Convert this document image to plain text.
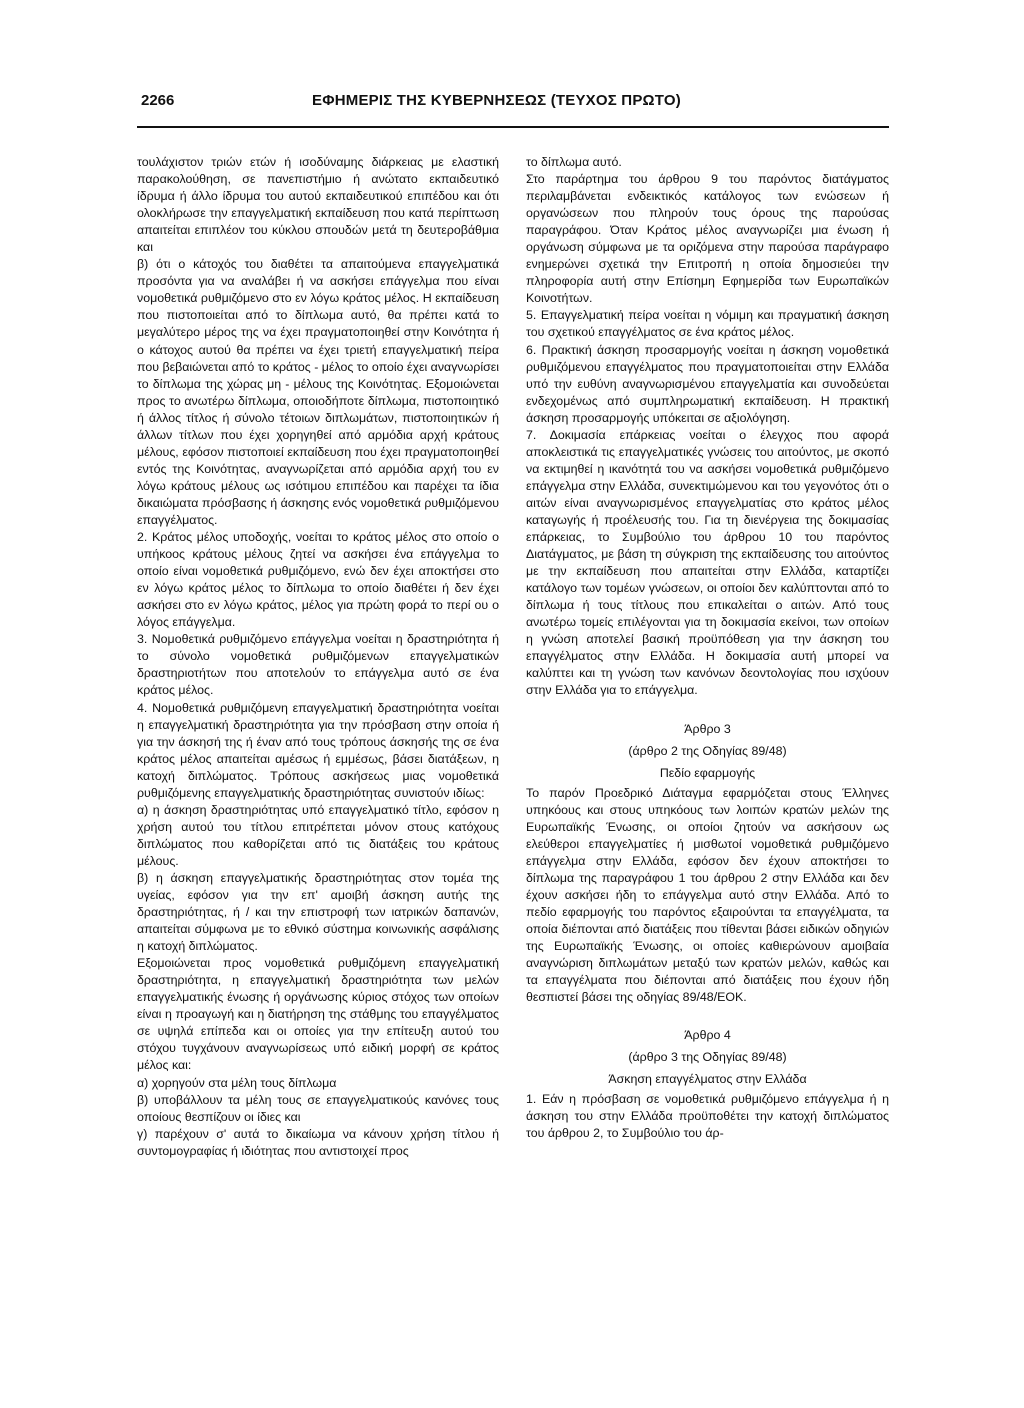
2266	ΕΦΗΜΕΡΙΣ ΤΗΣ ΚΥΒΕΡΝΗΣΕΩΣ (ΤΕΥΧΟΣ ΠΡΩΤΟ)

τουλάχιστον τριών ετών ή ισοδύναμης διάρκειας με ελαστική παρακολούθηση, σε πανεπιστήμιο ή ανώτατο εκπαιδευτικό ίδρυμα ή άλλο ίδρυμα του αυτού εκπαιδευτικού επιπέδου και ότι ολοκλήρωσε την επαγγελματική εκπαίδευση που κατά περίπτωση απαιτείται επιπλέον του κύκλου σπουδών μετά τη δευτεροβάθμια και

β) ότι ο κάτοχός του διαθέτει τα απαιτούμενα επαγγελματικά προσόντα για να αναλάβει ή να ασκήσει επάγγελμα που είναι νομοθετικά ρυθμιζόμενο στο εν λόγω κράτος μέλος. Η εκπαίδευση που πιστοποιείται από το δίπλωμα αυτό, θα πρέπει κατά το μεγαλύτερο μέρος της να έχει πραγματοποιηθεί στην Κοινότητα ή ο κάτοχος αυτού θα πρέπει να έχει τριετή επαγγελματική πείρα που βεβαιώνεται από το κράτος - μέλος το οποίο έχει αναγνωρίσει το δίπλωμα της χώρας μη - μέλους της Κοινότητας. Εξομοιώνεται προς το ανωτέρω δίπλωμα, οποιοδήποτε δίπλωμα, πιστοποιητικό ή άλλος τίτλος ή σύνολο τέτοιων διπλωμάτων, πιστοποιητικών ή άλλων τίτλων που έχει χορηγηθεί από αρμόδια αρχή κράτους μέλους, εφόσον πιστοποιεί εκπαίδευση που έχει πραγματοποιηθεί εντός της Κοινότητας, αναγνωρίζεται από αρμόδια αρχή του εν λόγω κράτους μέλους ως ισότιμου επιπέδου και παρέχει τα ίδια δικαιώματα πρόσβασης ή άσκησης ενός νομοθετικά ρυθμιζόμενου επαγγέλματος.

2. Κράτος μέλος υποδοχής, νοείται το κράτος μέλος στο οποίο ο υπήκοος κράτους μέλους ζητεί να ασκήσει ένα επάγγελμα το οποίο είναι νομοθετικά ρυθμιζόμενο, ενώ δεν έχει αποκτήσει στο εν λόγω κράτος μέλος το δίπλωμα το οποίο διαθέτει ή δεν έχει ασκήσει στο εν λόγω κράτος, μέλος για πρώτη φορά το περί ου ο λόγος επάγγελμα.

3. Νομοθετικά ρυθμιζόμενο επάγγελμα νοείται η δραστηριότητα ή το σύνολο νομοθετικά ρυθμιζόμενων επαγγελματικών δραστηριοτήτων που αποτελούν το επάγγελμα αυτό σε ένα κράτος μέλος.

4. Νομοθετικά ρυθμιζόμενη επαγγελματική δραστηριότητα νοείται η επαγγελματική δραστηριότητα για την πρόσβαση στην οποία ή για την άσκησή της ή έναν από τους τρόπους άσκησής της σε ένα κράτος μέλος απαιτείται αμέσως ή εμμέσως, βάσει διατάξεων, η κατοχή διπλώματος. Τρόπους ασκήσεως μιας νομοθετικά ρυθμιζόμενης επαγγελματικής δραστηριότητας συνιστούν ιδίως:

α) η άσκηση δραστηριότητας υπό επαγγελματικό τίτλο, εφόσον η χρήση αυτού του τίτλου επιτρέπεται μόνον στους κατόχους διπλώματος που καθορίζεται από τις διατάξεις του κράτους μέλους.

β) η άσκηση επαγγελματικής δραστηριότητας στον τομέα της υγείας, εφόσον για την επ' αμοιβή άσκηση αυτής της δραστηριότητας, ή / και την επιστροφή των ιατρικών δαπανών, απαιτείται σύμφωνα με το εθνικό σύστημα κοινωνικής ασφάλισης η κατοχή διπλώματος.

Εξομοιώνεται προς νομοθετικά ρυθμιζόμενη επαγγελματική δραστηριότητα, η επαγγελματική δραστηριότητα των μελών επαγγελματικής ένωσης ή οργάνωσης κύριος στόχος των οποίων είναι η προαγωγή και η διατήρηση της στάθμης του επαγγέλματος σε υψηλά επίπεδα και οι οποίες για την επίτευξη αυτού του στόχου τυγχάνουν αναγνωρίσεως υπό ειδική μορφή σε κράτος μέλος και:

α) χορηγούν στα μέλη τους δίπλωμα

β) υποβάλλουν τα μέλη τους σε επαγγελματικούς κανόνες τους οποίους θεσπίζουν οι ίδιες και

γ) παρέχουν σ' αυτά το δικαίωμα να κάνουν χρήση τίτλου ή συντομογραφίας ή ιδιότητας που αντιστοιχεί προς

το δίπλωμα αυτό.

Στο παράρτημα του άρθρου 9 του παρόντος διατάγματος περιλαμβάνεται ενδεικτικός κατάλογος των ενώσεων ή οργανώσεων που πληρούν τους όρους της παρούσας παραγράφου. Όταν Κράτος μέλος αναγνωρίζει μια ένωση ή οργάνωση σύμφωνα με τα οριζόμενα στην παρούσα παράγραφο ενημερώνει σχετικά την Επιτροπή η οποία δημοσιεύει την πληροφορία αυτή στην Επίσημη Εφημερίδα των Ευρωπαϊκών Κοινοτήτων.

5. Επαγγελματική πείρα νοείται η νόμιμη και πραγματική άσκηση του σχετικού επαγγέλματος σε ένα κράτος μέλος.

6. Πρακτική άσκηση προσαρμογής νοείται η άσκηση νομοθετικά ρυθμιζόμενου επαγγέλματος που πραγματοποιείται στην Ελλάδα υπό την ευθύνη αναγνωρισμένου επαγγελματία και συνοδεύεται ενδεχομένως από συμπληρωματική εκπαίδευση. Η πρακτική άσκηση προσαρμογής υπόκειται σε αξιολόγηση.

7. Δοκιμασία επάρκειας νοείται ο έλεγχος που αφορά αποκλειστικά τις επαγγελματικές γνώσεις του αιτούντος, με σκοπό να εκτιμηθεί η ικανότητά του να ασκήσει νομοθετικά ρυθμιζόμενο επάγγελμα στην Ελλάδα, συνεκτιμώμενου και του γεγονότος ότι ο αιτών είναι αναγνωρισμένος επαγγελματίας στο κράτος μέλος καταγωγής ή προέλευσής του. Για τη διενέργεια της δοκιμασίας επάρκειας, το Συμβούλιο του άρθρου 10 του παρόντος Διατάγματος, με βάση τη σύγκριση της εκπαίδευσης του αιτούντος με την εκπαίδευση που απαιτείται στην Ελλάδα, καταρτίζει κατάλογο των τομέων γνώσεων, οι οποίοι δεν καλύπτονται από το δίπλωμα ή τους τίτλους που επικαλείται ο αιτών. Από τους ανωτέρω τομείς επιλέγονται για τη δοκιμασία εκείνοι, των οποίων η γνώση αποτελεί βασική προϋπόθεση για την άσκηση του επαγγέλματος στην Ελλάδα. Η δοκιμασία αυτή μπορεί να καλύπτει και τη γνώση των κανόνων δεοντολογίας που ισχύουν στην Ελλάδα για το επάγγελμα.

Άρθρο 3

(άρθρο 2 της Οδηγίας 89/48)

Πεδίο εφαρμογής

Το παρόν Προεδρικό Διάταγμα εφαρμόζεται στους Έλληνες υπηκόους και στους υπηκόους των λοιπών κρατών μελών της Ευρωπαϊκής Ένωσης, οι οποίοι ζητούν να ασκήσουν ως ελεύθεροι επαγγελματίες ή μισθωτοί νομοθετικά ρυθμιζόμενο επάγγελμα στην Ελλάδα, εφόσον δεν έχουν αποκτήσει το δίπλωμα της παραγράφου 1 του άρθρου 2 στην Ελλάδα και δεν έχουν ασκήσει ήδη το επάγγελμα αυτό στην Ελλάδα. Από το πεδίο εφαρμογής του παρόντος εξαιρούνται τα επαγγέλματα, τα οποία διέπονται από διατάξεις που τίθενται βάσει ειδικών οδηγιών της Ευρωπαϊκής Ένωσης, οι οποίες καθιερώνουν αμοιβαία αναγνώριση διπλωμάτων μεταξύ των κρατών μελών, καθώς και τα επαγγέλματα που διέπονται από διατάξεις που έχουν ήδη θεσπιστεί βάσει της οδηγίας 89/48/ΕΟΚ.

Άρθρο 4

(άρθρο 3 της Οδηγίας 89/48)

Άσκηση επαγγέλματος στην Ελλάδα

1. Εάν η πρόσβαση σε νομοθετικά ρυθμιζόμενο επάγγελμα ή η άσκηση του στην Ελλάδα προϋποθέτει την κατοχή διπλώματος του άρθρου 2, το Συμβούλιο του άρ-
